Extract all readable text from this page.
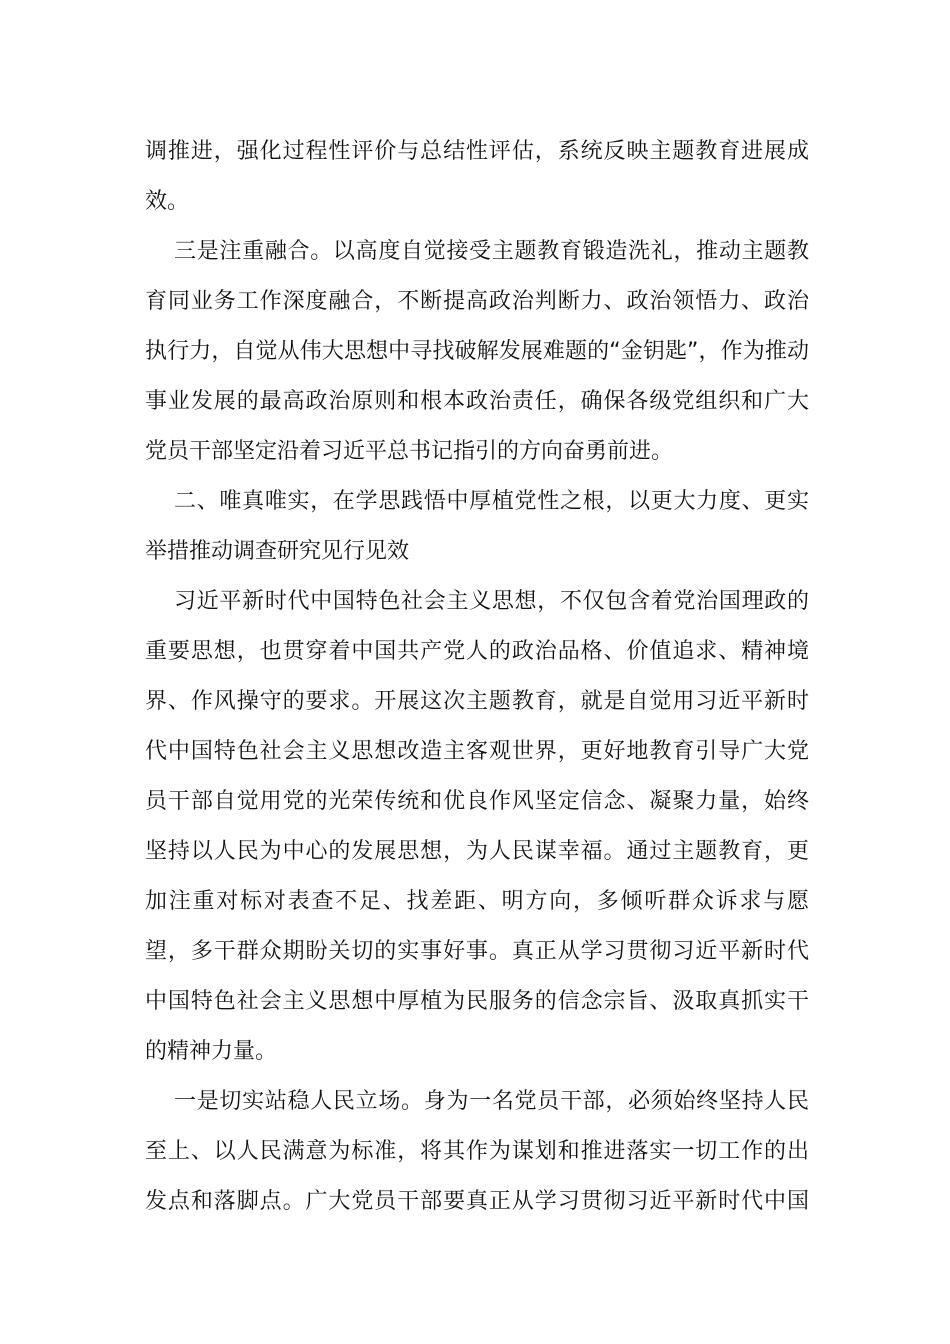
调推进，强化过程性评价与总结性评估，系统反映主题教育进展成
效。
三是注重融合。以高度自觉接受主题教育锻造洗礼，推动主题教
育同业务工作深度融合，不断提高政治判断力、政治领悟力、政治
执行力，自觉从伟大思想中寻找破解发展难题的“金钥匙”，作为推动
事业发展的最高政治原则和根本政治责任，确保各级党组织和广大
党员干部坚定沿着习近平总书记指引的方向奋勇前进。
二、唯真唯实，在学思践悟中厚植党性之根，以更大力度、更实
举措推动调查研究见行见效
习近平新时代中国特色社会主义思想，不仅包含着党治国理政的
重要思想，也贯穿着中国共产党人的政治品格、价值追求、精神境
界、作风操守的要求。开展这次主题教育，就是自觉用习近平新时
代中国特色社会主义思想改造主客观世界，更好地教育引导广大党
员干部自觉用党的光荣传统和优良作风坚定信念、凝聚力量，始终
坚持以人民为中心的发展思想，为人民谋幸福。通过主题教育，更
加注重对标对表查不足、找差距、明方向，多倾听群众诉求与愿
望，多干群众期盼关切的实事好事。真正从学习贯彻习近平新时代
中国特色社会主义思想中厚植为民服务的信念宗旨、汲取真抓实干
的精神力量。
一是切实站稳人民立场。身为一名党员干部，必须始终坚持人民
至上、以人民满意为标准，将其作为谋划和推进落实一切工作的出
发点和落脚点。广大党员干部要真正从学习贯彻习近平新时代中国
